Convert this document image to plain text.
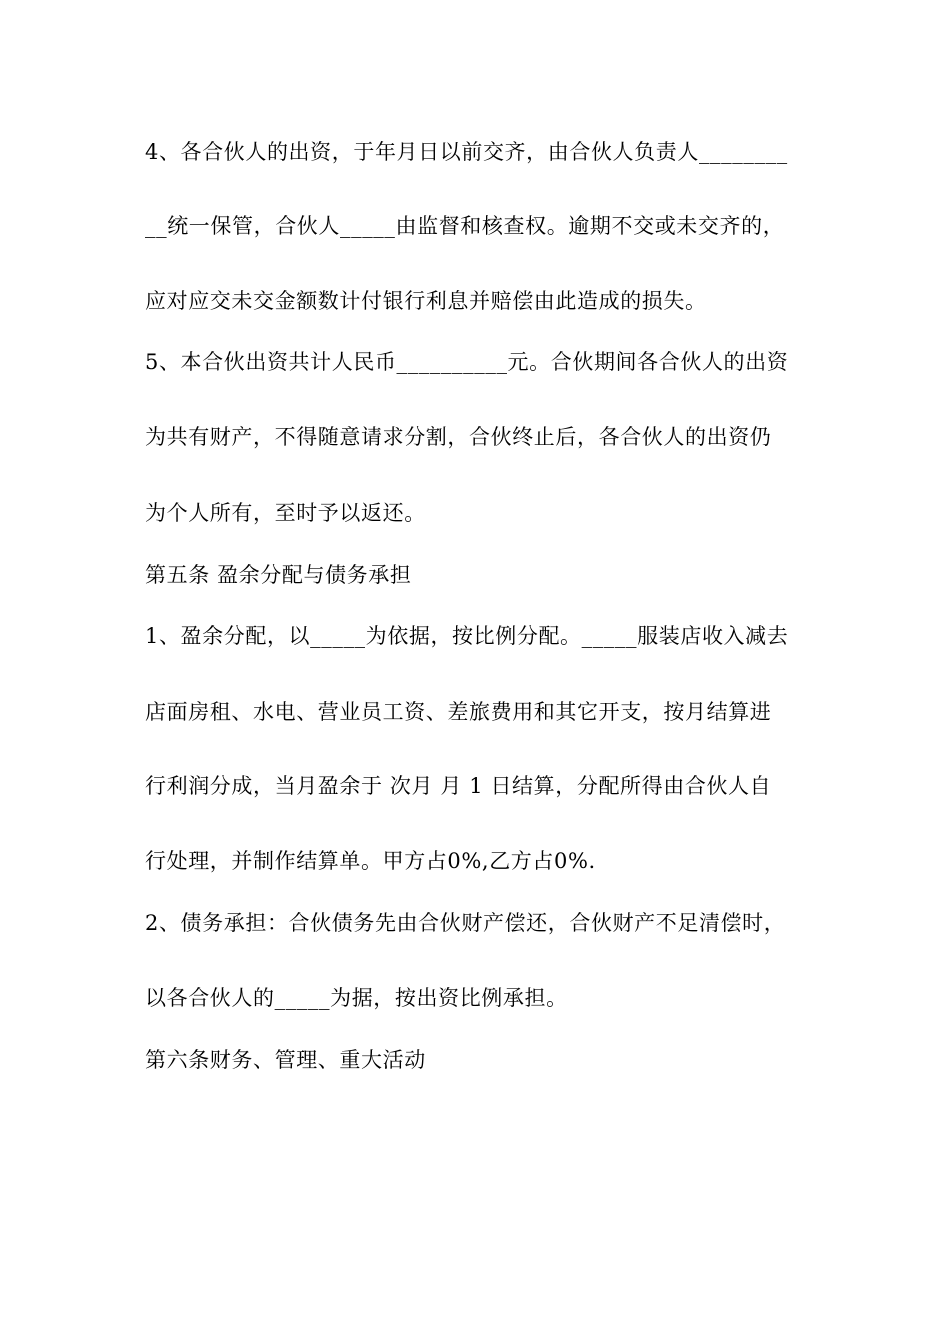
4、各合伙人的出资，于年月日以前交齐，由合伙人负责人________
__统一保管，合伙人_____由监督和核查权。逾期不交或未交齐的，
应对应交未交金额数计付银行利息并赔偿由此造成的损失。
5、本合伙出资共计人民币__________元。合伙期间各合伙人的出资
为共有财产，不得随意请求分割，合伙终止后，各合伙人的出资仍
为个人所有，至时予以返还。
第五条 盈余分配与债务承担
1、盈余分配，以_____为依据，按比例分配。_____服装店收入减去
店面房租、水电、营业员工资、差旅费用和其它开支，按月结算进
行利润分成，当月盈余于 次月 月 1 日结算，分配所得由合伙人自
行处理，并制作结算单。甲方占0%,乙方占0%.
2、债务承担：合伙债务先由合伙财产偿还，合伙财产不足清偿时，
以各合伙人的_____为据，按出资比例承担。
第六条财务、管理、重大活动
